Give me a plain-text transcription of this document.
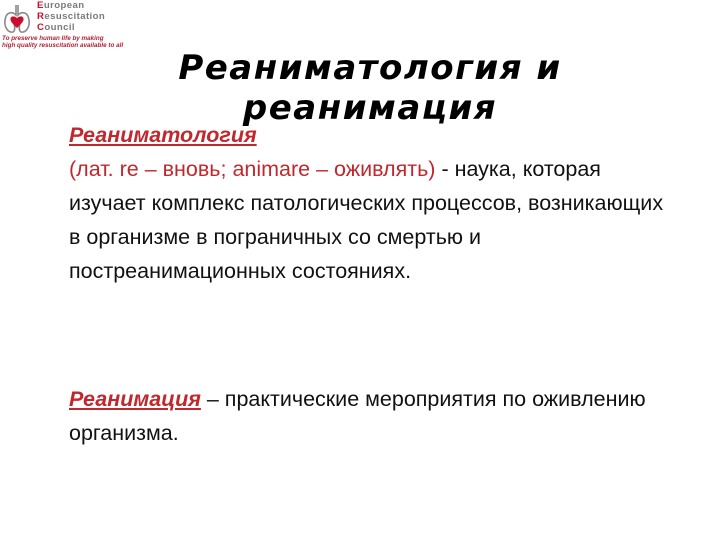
European
Resuscitation
Council
To preserve human life by making
high quality resuscitation available to all
Реаниматология и реанимация
Реаниматология
(лат. re – вновь; animare – оживлять) - наука, которая изучает комплекс патологических процессов, возникающих в организме в пограничных со смертью и постреанимационных состояниях.
Реанимация – практические мероприятия по оживлению организма.
